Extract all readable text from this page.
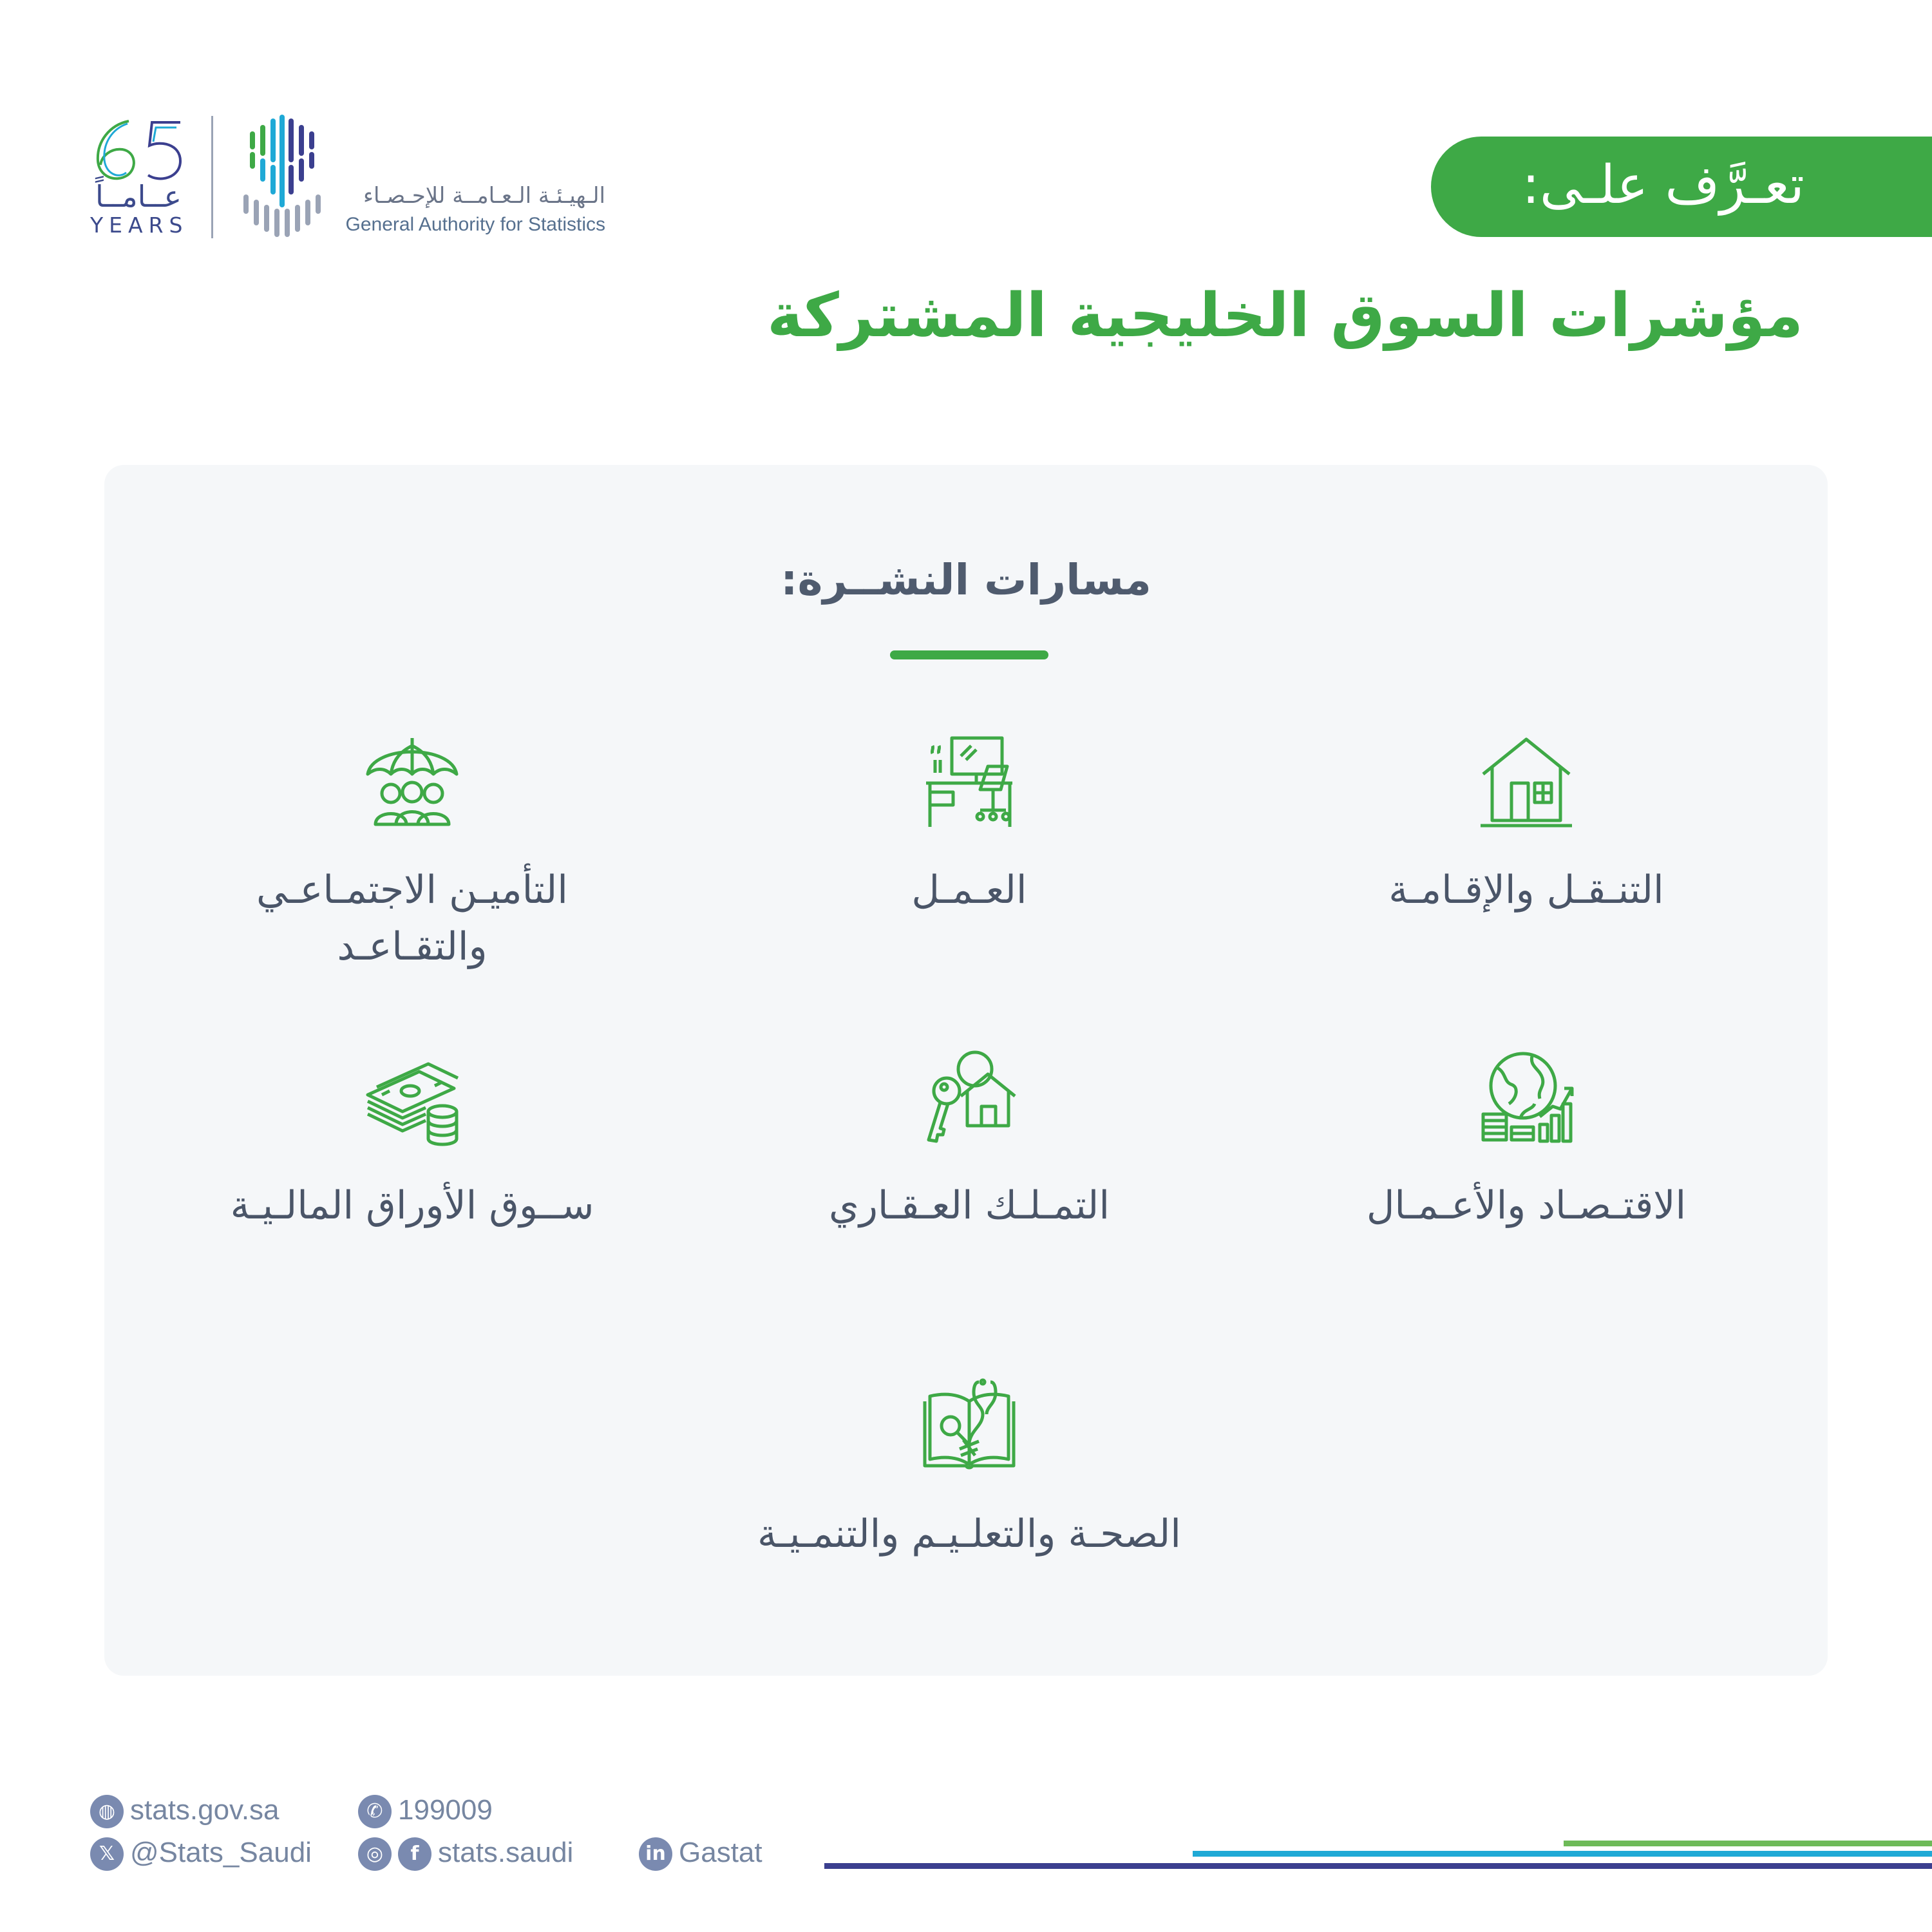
عــامــاً
YEARS
الـهيـئـة الـعـامــة للإحـصـاء
General Authority for Statistics
تعـرَّف علـى:
مؤشرات السوق الخليجية المشتركة
مسارات النشــرة:
التنـقـل والإقـامـة
العـمـل
التأميـن الاجتمـاعـي والتقـاعـد
الاقتـصـاد والأعـمـال
التمـلـك العـقـاري
ســوق الأوراق المالـيـة
الصحـة والتعلـيـم والتنمـيـة
◍ stats.gov.sa	✆ 199009
𝕏 @Stats_Saudi	◎ f stats.saudi	in Gastat
